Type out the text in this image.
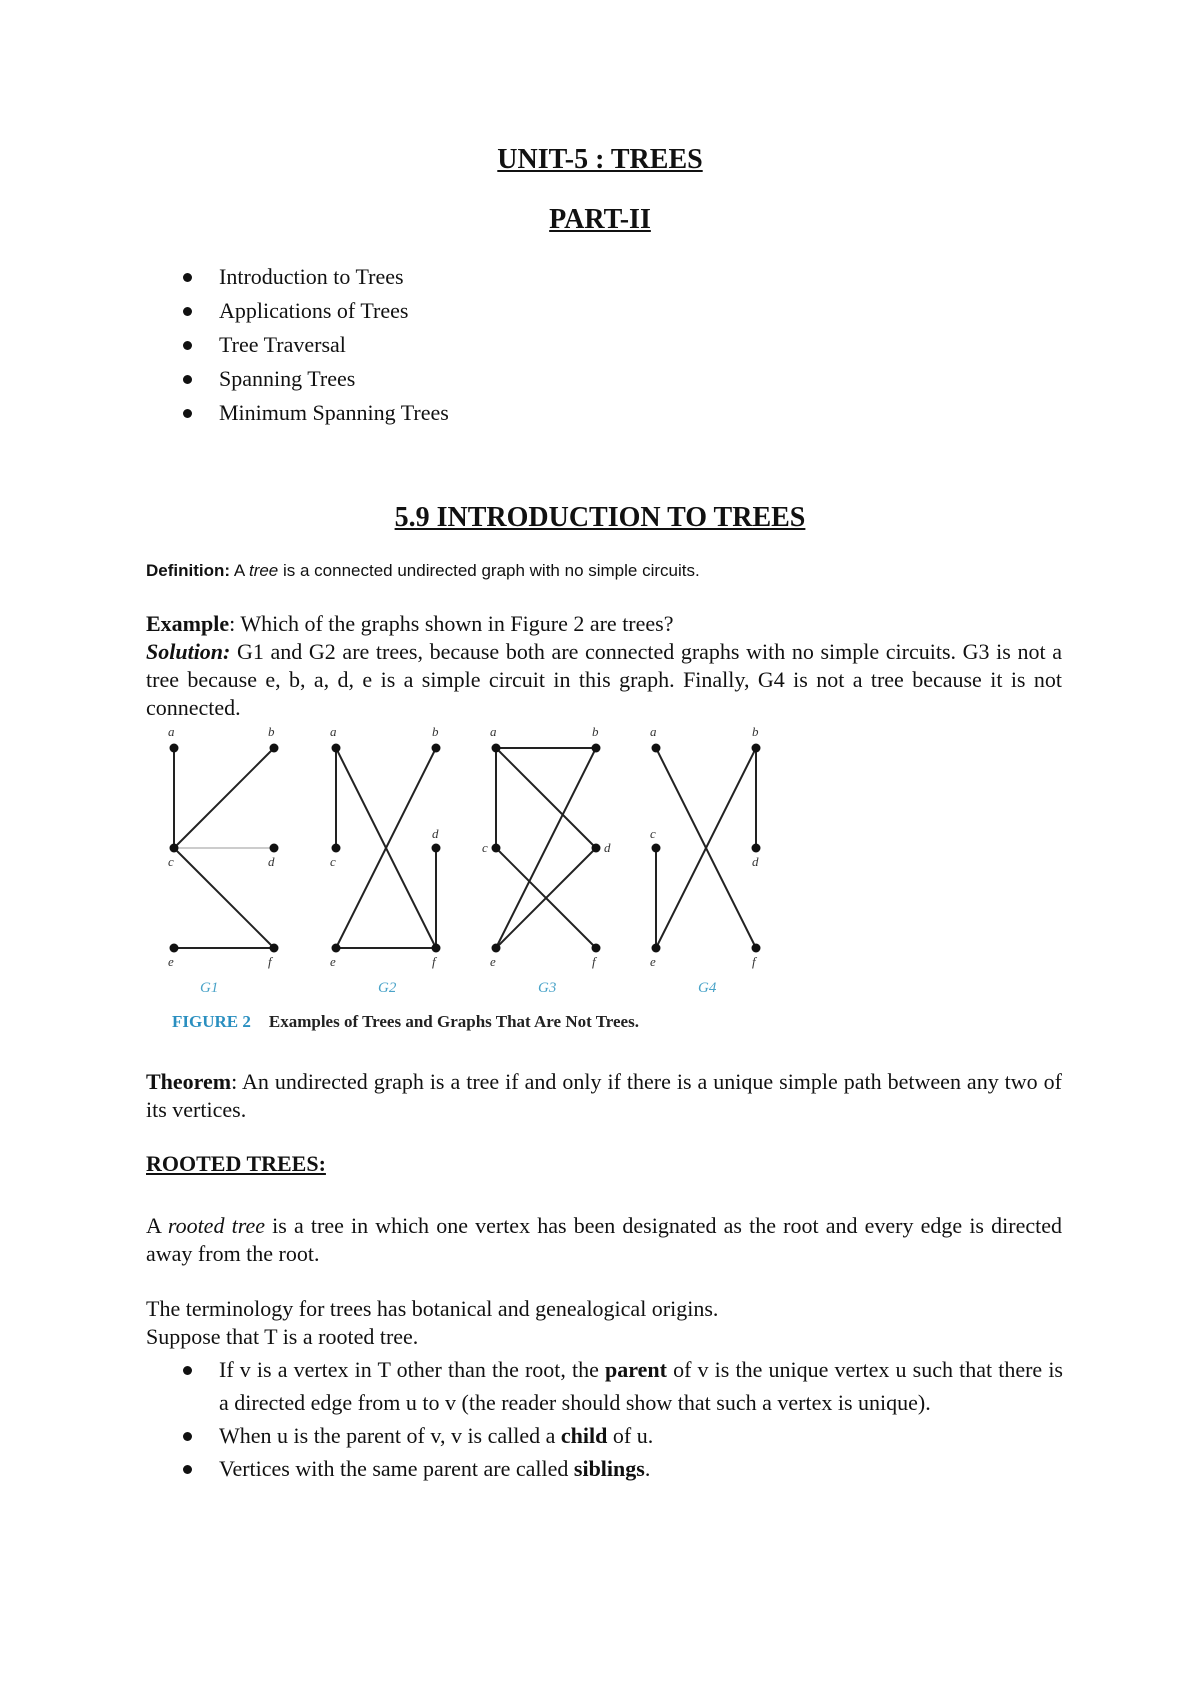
UNIT-5 : TREES
PART-II
Introduction to Trees
Applications of Trees
Tree Traversal
Spanning Trees
Minimum Spanning Trees
5.9 INTRODUCTION TO TREES
Definition: A tree is a connected undirected graph with no simple circuits.
Example: Which of the graphs shown in Figure 2 are trees?
Solution: G1 and G2 are trees, because both are connected graphs with no simple circuits. G3 is not a tree because e, b, a, d, e is a simple circuit in this graph. Finally, G4 is not a tree because it is not connected.
a	b
c	d
e	f
a	b
c
d
e	f
a	b
c	d
e	f
a	b
c
d
e	f
G1	G2	G3	G4
FIGURE 2 Examples of Trees and Graphs That Are Not Trees.
Theorem: An undirected graph is a tree if and only if there is a unique simple path between any two of its vertices.
ROOTED TREES:
A rooted tree is a tree in which one vertex has been designated as the root and every edge is directed away from the root.
The terminology for trees has botanical and genealogical origins.
Suppose that T is a rooted tree.
If v is a vertex in T other than the root, the parent of v is the unique vertex u such that there is a directed edge from u to v (the reader should show that such a vertex is unique).
When u is the parent of v, v is called a child of u.
Vertices with the same parent are called siblings.
